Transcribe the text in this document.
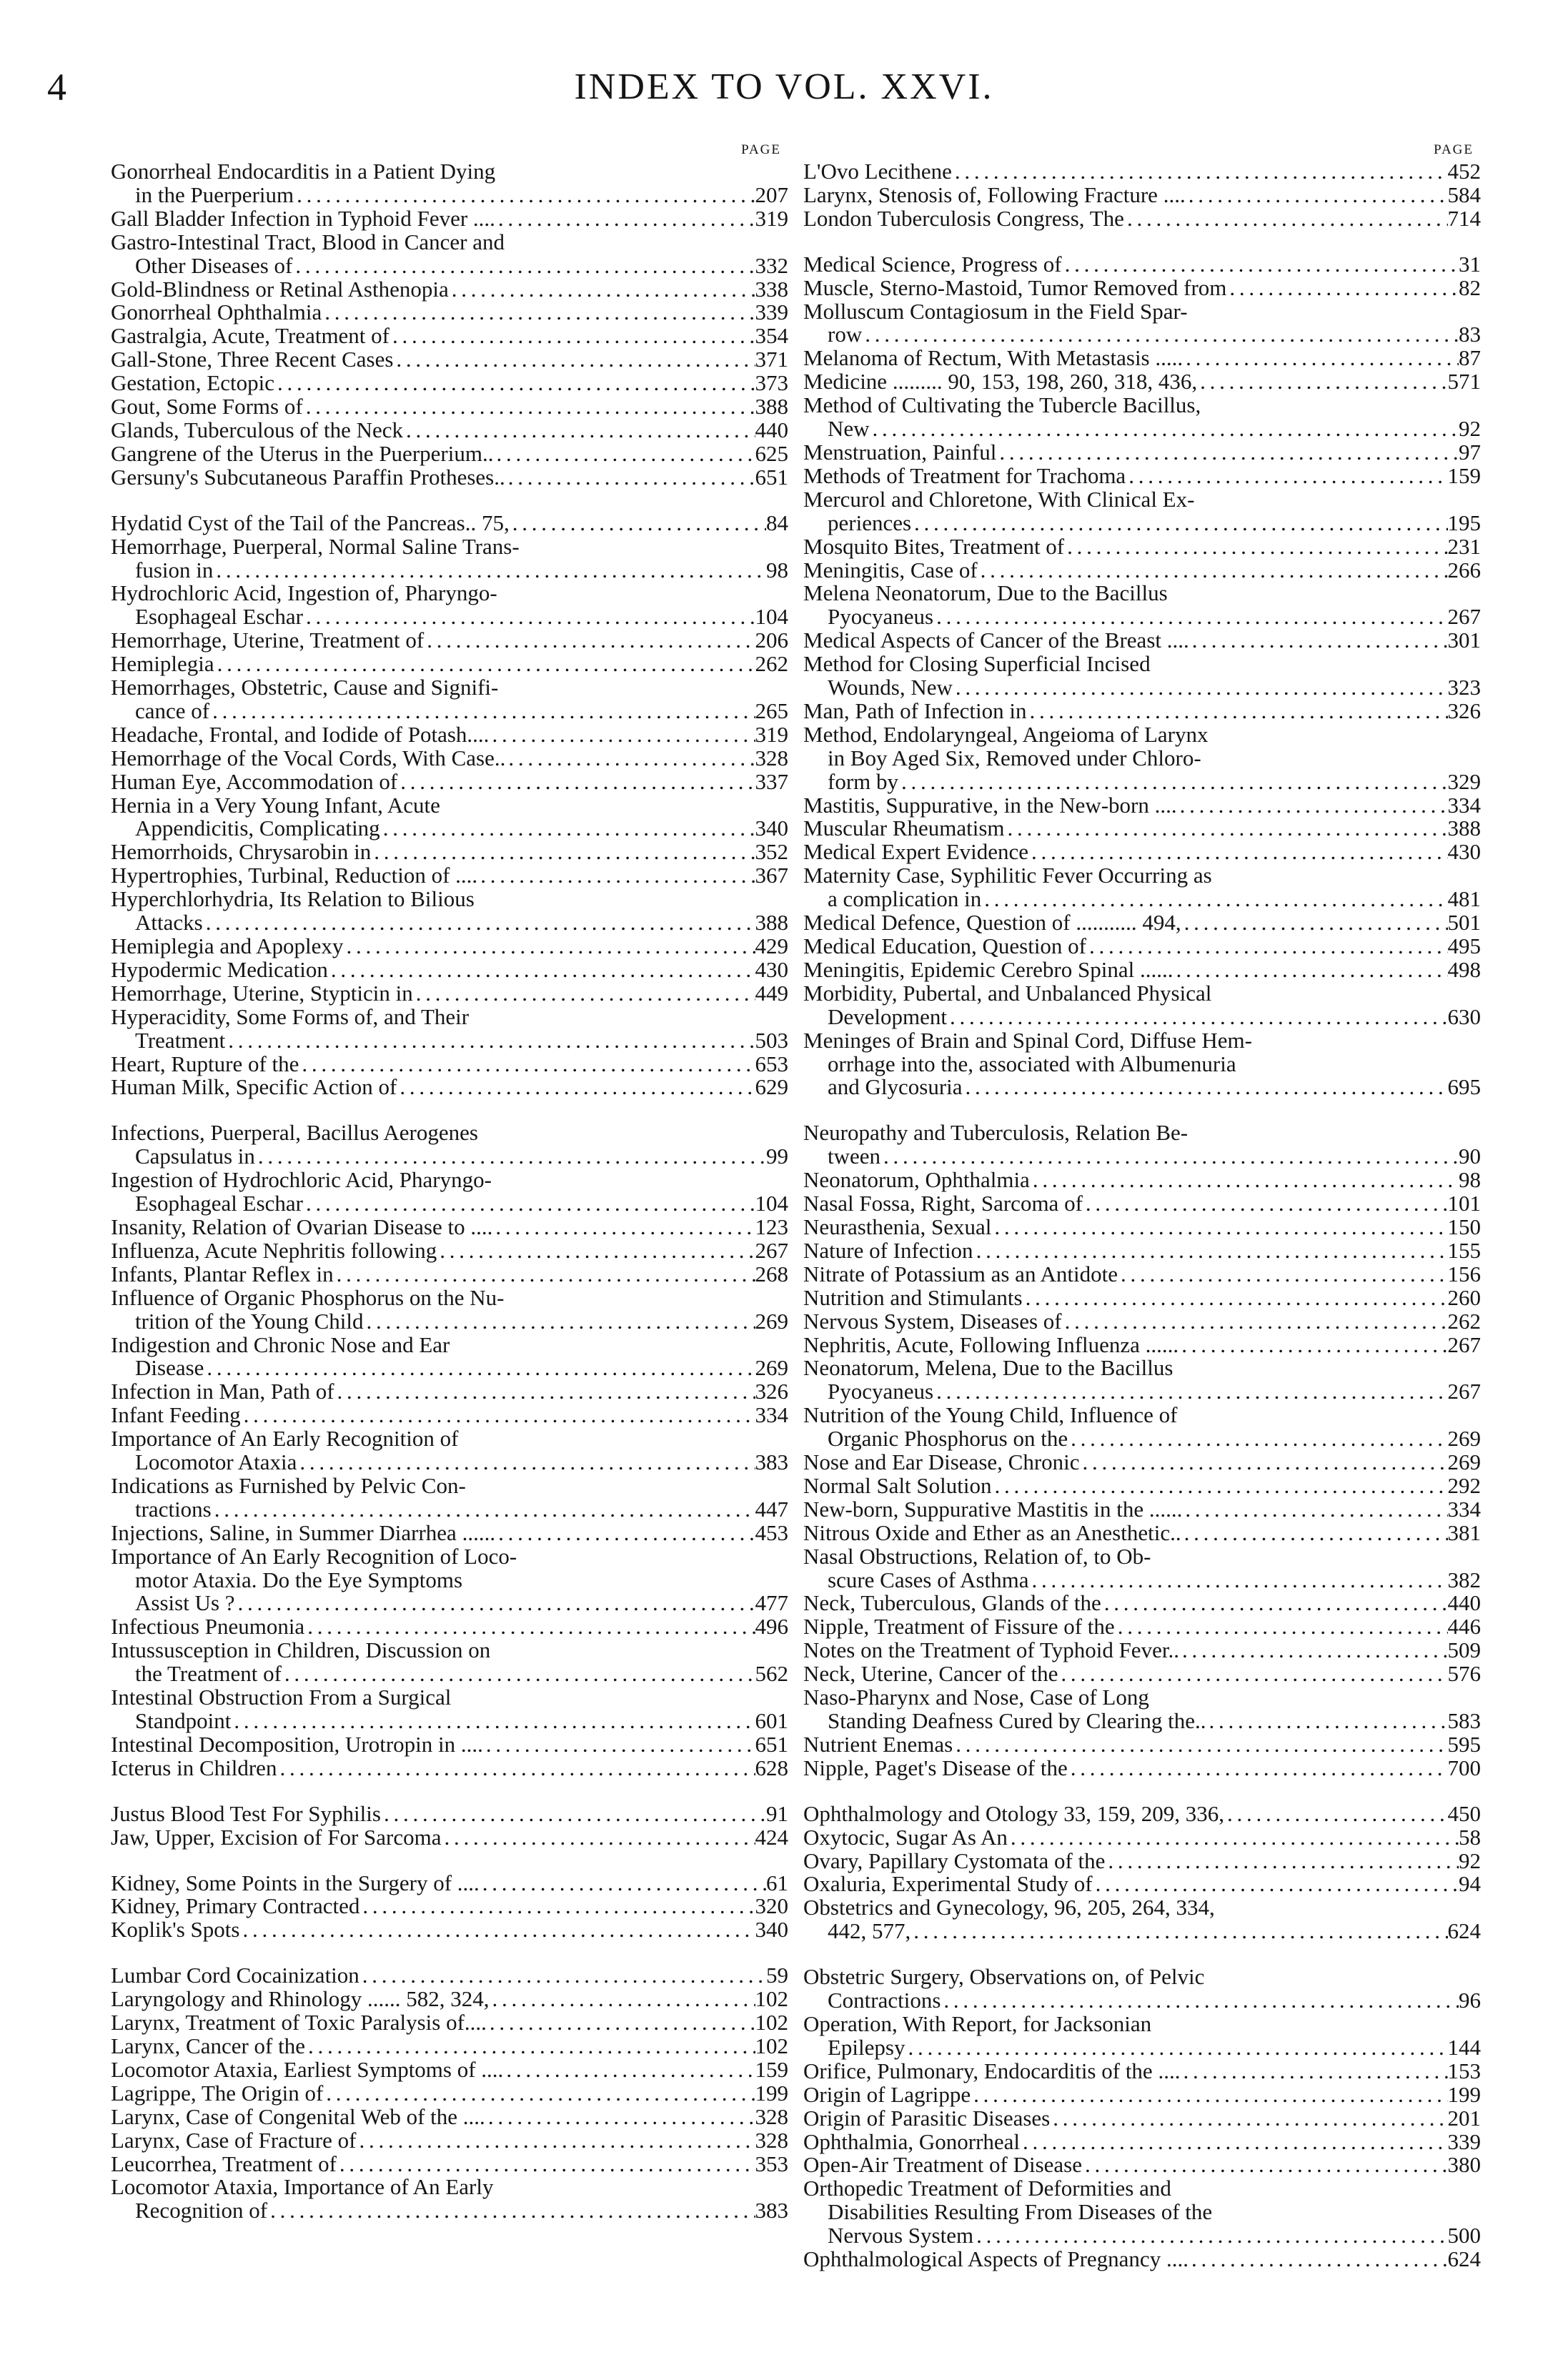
4	INDEX TO VOL. XXVI.
PAGE
Gonorrheal Endocarditis in a Patient Dying
in the Puerperium . . .	207
Gall Bladder Infection in Typhoid Fever .... . . .	319
Gastro-Intestinal Tract, Blood in Cancer and
Other Diseases of . . .	332
Gold-Blindness or Retinal Asthenopia . . .	338
Gonorrheal Ophthalmia . . .	339
Gastralgia, Acute, Treatment of . . .	354
Gall-Stone, Three Recent Cases . . .	371
Gestation, Ectopic . . .	373
Gout, Some Forms of . . .	388
Glands, Tuberculous of the Neck . . .	440
Gangrene of the Uterus in the Puerperium.. . . .	625
Gersuny's Subcutaneous Paraffin Protheses.. . . .	651
Hydatid Cyst of the Tail of the Pancreas.. 75, . . .	84
Hemorrhage, Puerperal, Normal Saline Trans-
fusion in . . .	98
Hydrochloric Acid, Ingestion of, Pharyngo-
Esophageal Eschar . . .	104
Hemorrhage, Uterine, Treatment of . . .	206
Hemiplegia . . .	262
Hemorrhages, Obstetric, Cause and Signifi-
cance of . . .	265
Headache, Frontal, and Iodide of Potash.... . . .	319
Hemorrhage of the Vocal Cords, With Case.. . . .	328
Human Eye, Accommodation of . . .	337
Hernia in a Very Young Infant, Acute
Appendicitis, Complicating . . .	340
Hemorrhoids, Chrysarobin in . . .	352
Hypertrophies, Turbinal, Reduction of .... . . .	367
Hyperchlorhydria, Its Relation to Bilious
Attacks . . .	388
Hemiplegia and Apoplexy . . .	429
Hypodermic Medication . . .	430
Hemorrhage, Uterine, Stypticin in . . .	449
Hyperacidity, Some Forms of, and Their
Treatment . . .	503
Heart, Rupture of the . . .	653
Human Milk, Specific Action of . . .	629
Infections, Puerperal, Bacillus Aerogenes
Capsulatus in . . .	99
Ingestion of Hydrochloric Acid, Pharyngo-
Esophageal Eschar . . .	104
Insanity, Relation of Ovarian Disease to .... . . .	123
Influenza, Acute Nephritis following . . .	267
Infants, Plantar Reflex in . . .	268
Influence of Organic Phosphorus on the Nu-
trition of the Young Child . . .	269
Indigestion and Chronic Nose and Ear
Disease . . .	269
Infection in Man, Path of . . .	326
Infant Feeding . . .	334
Importance of An Early Recognition of
Locomotor Ataxia . . .	383
Indications as Furnished by Pelvic Con-
tractions . . .	447
Injections, Saline, in Summer Diarrhea ...... . . .	453
Importance of An Early Recognition of Loco-
motor Ataxia. Do the Eye Symptoms
Assist Us ? . . .	477
Infectious Pneumonia . . .	496
Intussusception in Children, Discussion on
the Treatment of . . .	562
Intestinal Obstruction From a Surgical
Standpoint . . .	601
Intestinal Decomposition, Urotropin in .... . . .	651
Icterus in Children . . .	628
Justus Blood Test For Syphilis . . .	91
Jaw, Upper, Excision of For Sarcoma . . .	424
Kidney, Some Points in the Surgery of .... . . .	61
Kidney, Primary Contracted . . .	320
Koplik's Spots . . .	340
Lumbar Cord Cocainization . . .	59
Laryngology and Rhinology ...... 582, 324, . . .	102
Larynx, Treatment of Toxic Paralysis of.... . . .	102
Larynx, Cancer of the . . .	102
Locomotor Ataxia, Earliest Symptoms of .... . . .	159
Lagrippe, The Origin of . . .	199
Larynx, Case of Congenital Web of the .... . . .	328
Larynx, Case of Fracture of . . .	328
Leucorrhea, Treatment of . . .	353
Locomotor Ataxia, Importance of An Early
Recognition of . . .	383
PAGE
L'Ovo Lecithene . . .	452
Larynx, Stenosis of, Following Fracture .... . . .	584
London Tuberculosis Congress, The . . .	714
Medical Science, Progress of . . .	31
Muscle, Sterno-Mastoid, Tumor Removed from . . .	82
Molluscum Contagiosum in the Field Spar-
row . . .	83
Melanoma of Rectum, With Metastasis ..... . . .	87
Medicine ......... 90, 153, 198, 260, 318, 436, . . .	571
Method of Cultivating the Tubercle Bacillus,
New . . .	92
Menstruation, Painful . . .	97
Methods of Treatment for Trachoma . . .	159
Mercurol and Chloretone, With Clinical Ex-
periences . . .	195
Mosquito Bites, Treatment of . . .	231
Meningitis, Case of . . .	266
Melena Neonatorum, Due to the Bacillus
Pyocyaneus . . .	267
Medical Aspects of Cancer of the Breast .... . . .	301
Method for Closing Superficial Incised
Wounds, New . . .	323
Man, Path of Infection in . . .	326
Method, Endolaryngeal, Angeioma of Larynx
in Boy Aged Six, Removed under Chloro-
form by . . .	329
Mastitis, Suppurative, in the New-born .... . . .	334
Muscular Rheumatism . . .	388
Medical Expert Evidence . . .	430
Maternity Case, Syphilitic Fever Occurring as
a complication in . . .	481
Medical Defence, Question of ........... 494, . . .	501
Medical Education, Question of . . .	495
Meningitis, Epidemic Cerebro Spinal ...... . . .	498
Morbidity, Pubertal, and Unbalanced Physical
Development . . .	630
Meninges of Brain and Spinal Cord, Diffuse Hem-
orrhage into the, associated with Albumenuria
and Glycosuria . . .	695
Neuropathy and Tuberculosis, Relation Be-
tween . . .	90
Neonatorum, Ophthalmia . . .	98
Nasal Fossa, Right, Sarcoma of . . .	101
Neurasthenia, Sexual . . .	150
Nature of Infection . . .	155
Nitrate of Potassium as an Antidote . . .	156
Nutrition and Stimulants . . .	260
Nervous System, Diseases of . . .	262
Nephritis, Acute, Following Influenza ...... . . .	267
Neonatorum, Melena, Due to the Bacillus
Pyocyaneus . . .	267
Nutrition of the Young Child, Influence of
Organic Phosphorus on the . . .	269
Nose and Ear Disease, Chronic . . .	269
Normal Salt Solution . . .	292
New-born, Suppurative Mastitis in the ...... . . .	334
Nitrous Oxide and Ether as an Anesthetic.. . . .	381
Nasal Obstructions, Relation of, to Ob-
scure Cases of Asthma . . .	382
Neck, Tuberculous, Glands of the . . .	440
Nipple, Treatment of Fissure of the . . .	446
Notes on the Treatment of Typhoid Fever.. . . .	509
Neck, Uterine, Cancer of the . . .	576
Naso-Pharynx and Nose, Case of Long
Standing Deafness Cured by Clearing the.. . . .	583
Nutrient Enemas . . .	595
Nipple, Paget's Disease of the . . .	700
Ophthalmology and Otology 33, 159, 209, 336, . . .	450
Oxytocic, Sugar As An . . .	58
Ovary, Papillary Cystomata of the . . .	92
Oxaluria, Experimental Study of . . .	94
Obstetrics and Gynecology, 96, 205, 264, 334,
442, 577, . . .	624
Obstetric Surgery, Observations on, of Pelvic
Contractions . . .	96
Operation, With Report, for Jacksonian
Epilepsy . . .	144
Orifice, Pulmonary, Endocarditis of the .... . . .	153
Origin of Lagrippe . . .	199
Origin of Parasitic Diseases . . .	201
Ophthalmia, Gonorrheal . . .	339
Open-Air Treatment of Disease . . .	380
Orthopedic Treatment of Deformities and
Disabilities Resulting From Diseases of the
Nervous System . . .	500
Ophthalmological Aspects of Pregnancy .... . . .	624
